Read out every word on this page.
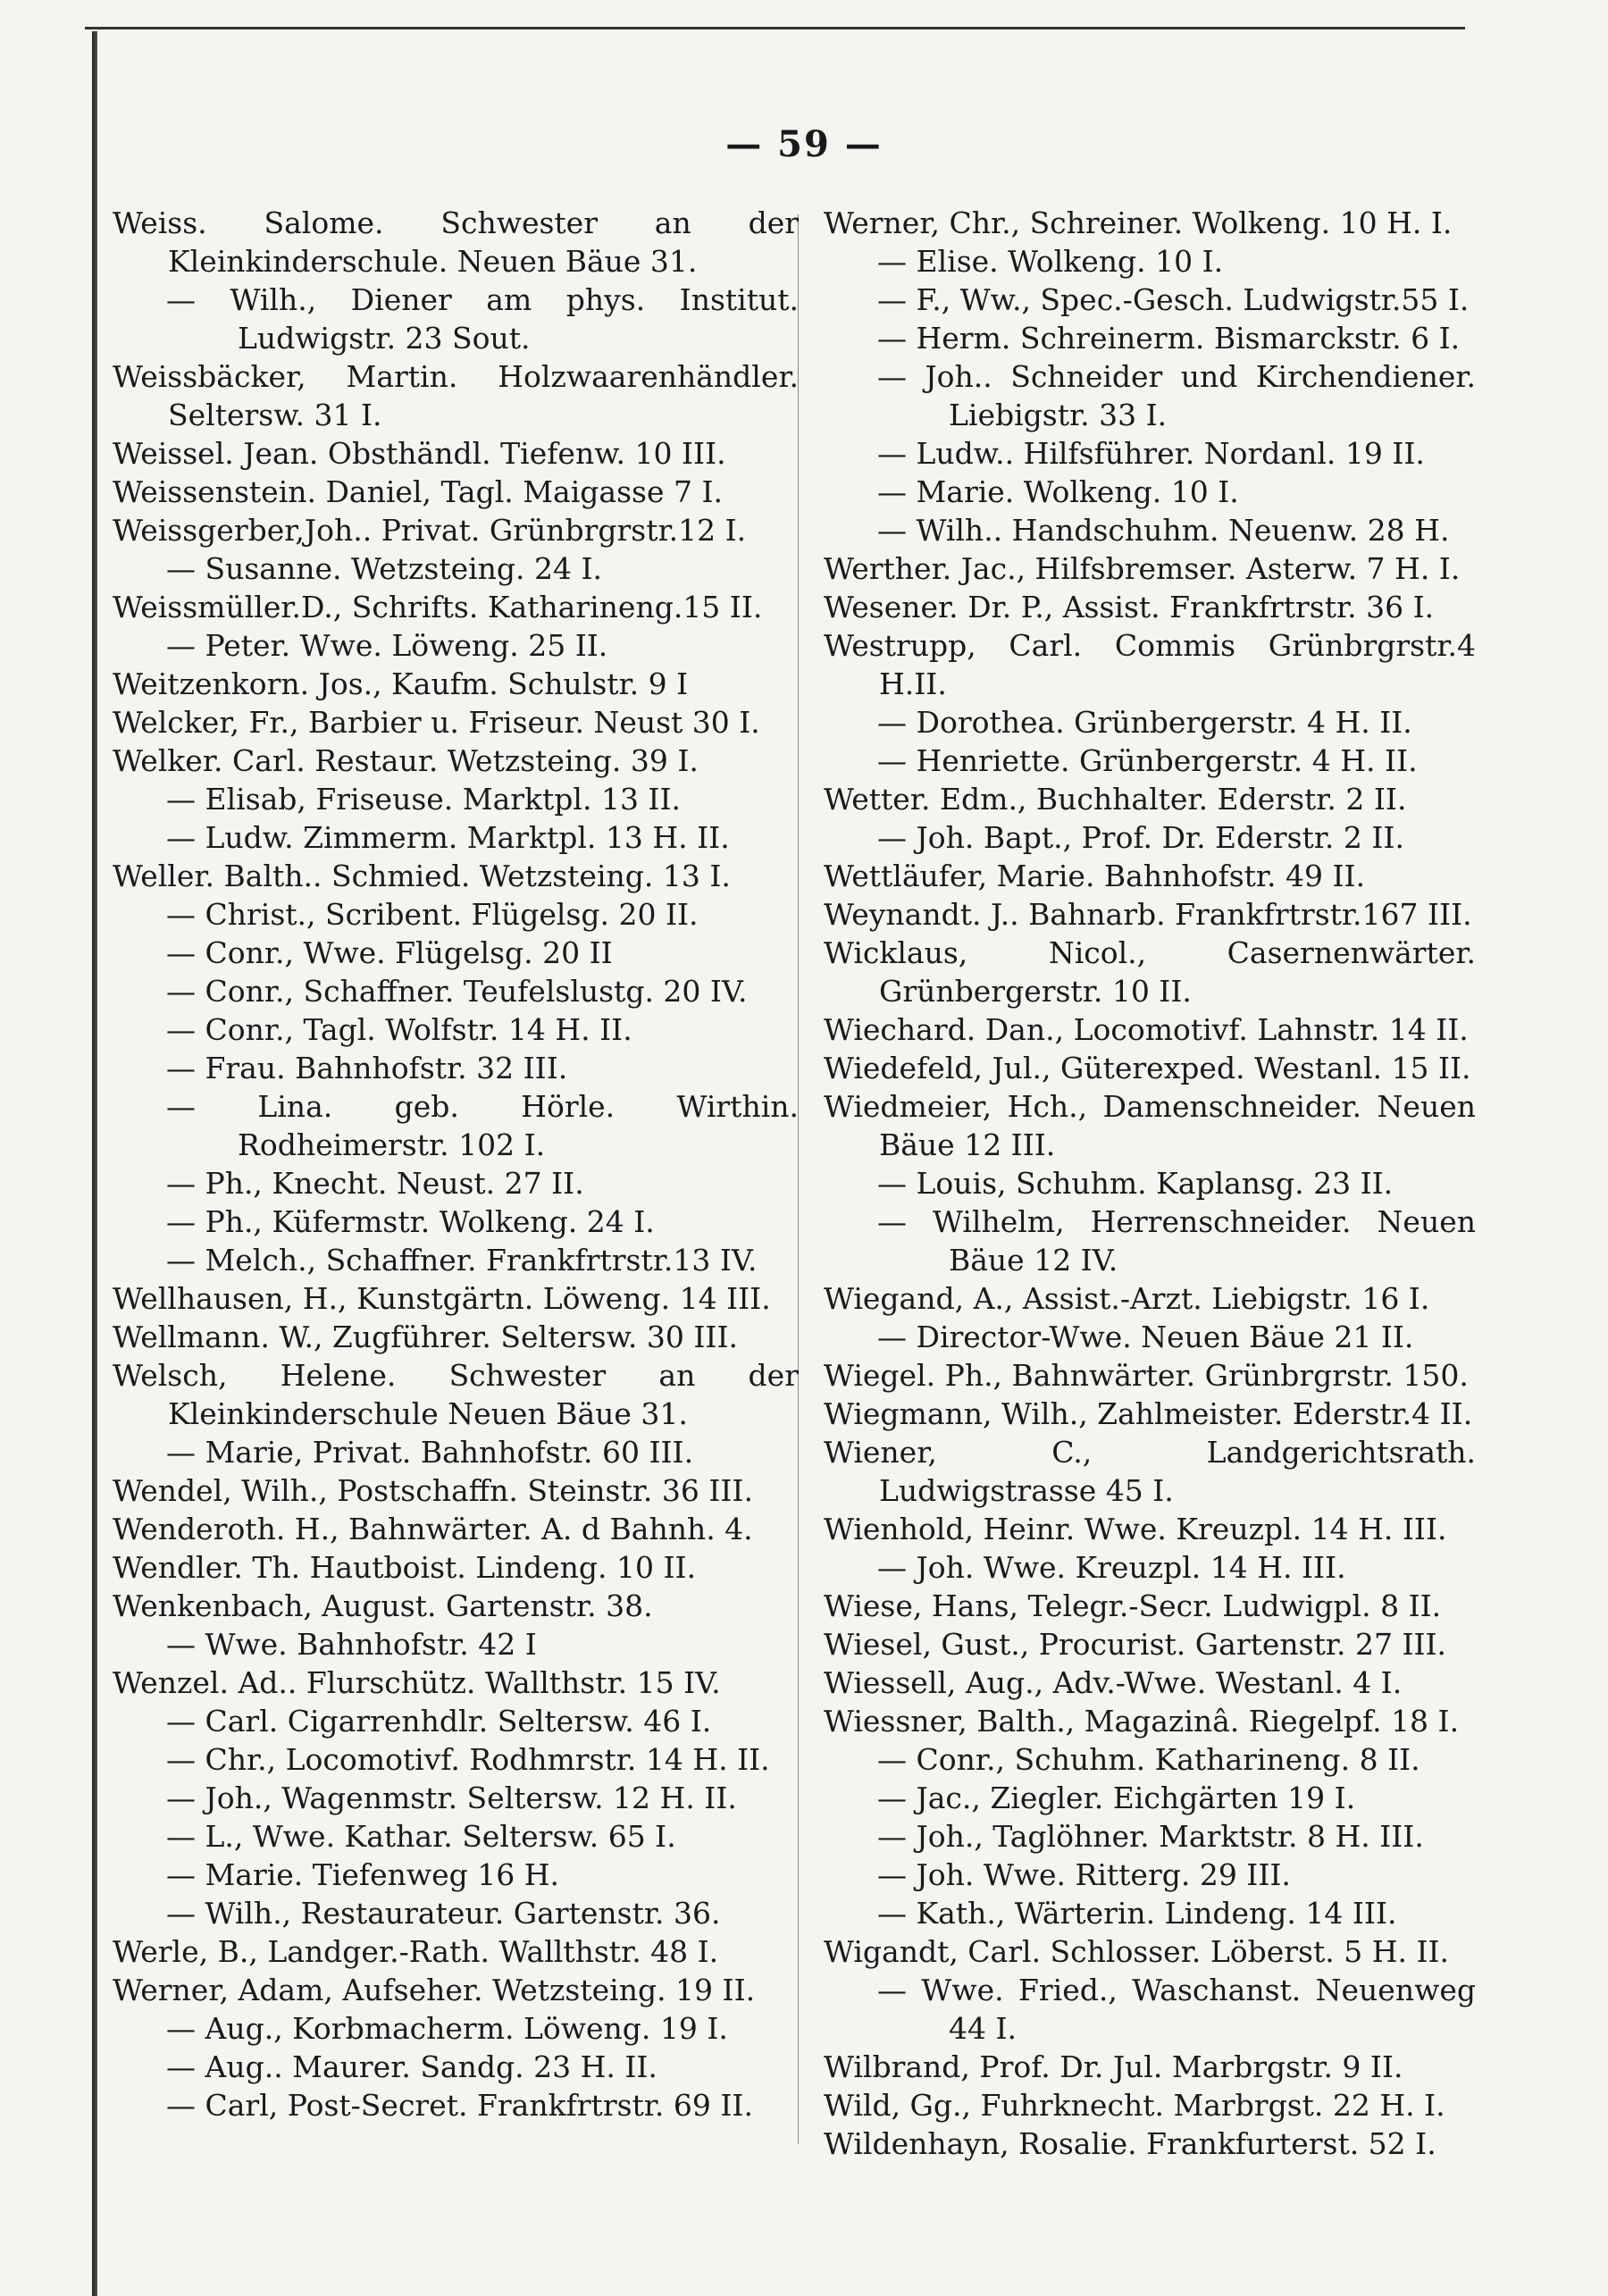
— 59 —
Weiss. Salome. Schwester an der Kleinkinderschule. Neuen Bäue 31.
— Wilh., Diener am phys. Institut. Ludwigstr. 23 Sout.
Weissbäcker, Martin. Holzwaarenhändler. Seltersw. 31 I.
Weissel. Jean. Obsthändl. Tiefenw. 10 III.
Weissenstein. Daniel, Tagl. Maigasse 7 I.
Weissgerber,Joh.. Privat. Grünbrgrstr.12 I.
— Susanne. Wetzsteing. 24 I.
Weissmüller.D., Schrifts. Katharineng.15 II.
— Peter. Wwe. Löweng. 25 II.
Weitzenkorn. Jos., Kaufm. Schulstr. 9 I
Welcker, Fr., Barbier u. Friseur. Neust 30 I.
Welker. Carl. Restaur. Wetzsteing. 39 I.
— Elisab, Friseuse. Marktpl. 13 II.
— Ludw. Zimmerm. Marktpl. 13 H. II.
Weller. Balth.. Schmied. Wetzsteing. 13 I.
— Christ., Scribent. Flügelsg. 20 II.
— Conr., Wwe. Flügelsg. 20 II
— Conr., Schaffner. Teufelslustg. 20 IV.
— Conr., Tagl. Wolfstr. 14 H. II.
— Frau. Bahnhofstr. 32 III.
— Lina. geb. Hörle. Wirthin. Rodheimerstr. 102 I.
— Ph., Knecht. Neust. 27 II.
— Ph., Küfermstr. Wolkeng. 24 I.
— Melch., Schaffner. Frankfrtrstr.13 IV.
Wellhausen, H., Kunstgärtn. Löweng. 14 III.
Wellmann. W., Zugführer. Seltersw. 30 III.
Welsch, Helene. Schwester an der Kleinkinderschule Neuen Bäue 31.
— Marie, Privat. Bahnhofstr. 60 III.
Wendel, Wilh., Postschaffn. Steinstr. 36 III.
Wenderoth. H., Bahnwärter. A. d Bahnh. 4.
Wendler. Th. Hautboist. Lindeng. 10 II.
Wenkenbach, August. Gartenstr. 38.
— Wwe. Bahnhofstr. 42 I
Wenzel. Ad.. Flurschütz. Wallthstr. 15 IV.
— Carl. Cigarrenhdlr. Seltersw. 46 I.
— Chr., Locomotivf. Rodhmrstr. 14 H. II.
— Joh., Wagenmstr. Seltersw. 12 H. II.
— L., Wwe. Kathar. Seltersw. 65 I.
— Marie. Tiefenweg 16 H.
— Wilh., Restaurateur. Gartenstr. 36.
Werle, B., Landger.-Rath. Wallthstr. 48 I.
Werner, Adam, Aufseher. Wetzsteing. 19 II.
— Aug., Korbmacherm. Löweng. 19 I.
— Aug.. Maurer. Sandg. 23 H. II.
— Carl, Post-Secret. Frankfrtrstr. 69 II.
Werner, Chr., Schreiner. Wolkeng. 10 H. I.
— Elise. Wolkeng. 10 I.
— F., Ww., Spec.-Gesch. Ludwigstr.55 I.
— Herm. Schreinerm. Bismarckstr. 6 I.
— Joh.. Schneider und Kirchendiener. Liebigstr. 33 I.
— Ludw.. Hilfsführer. Nordanl. 19 II.
— Marie. Wolkeng. 10 I.
— Wilh.. Handschuhm. Neuenw. 28 H.
Werther. Jac., Hilfsbremser. Asterw. 7 H. I.
Wesener. Dr. P., Assist. Frankfrtrstr. 36 I.
Westrupp, Carl. Commis Grünbrgrstr.4 H.II.
— Dorothea. Grünbergerstr. 4 H. II.
— Henriette. Grünbergerstr. 4 H. II.
Wetter. Edm., Buchhalter. Ederstr. 2 II.
— Joh. Bapt., Prof. Dr. Ederstr. 2 II.
Wettläufer, Marie. Bahnhofstr. 49 II.
Weynandt. J.. Bahnarb. Frankfrtrstr.167 III.
Wicklaus, Nicol., Casernenwärter. Grünbergerstr. 10 II.
Wiechard. Dan., Locomotivf. Lahnstr. 14 II.
Wiedefeld, Jul., Güterexped. Westanl. 15 II.
Wiedmeier, Hch., Damenschneider. Neuen Bäue 12 III.
— Louis, Schuhm. Kaplansg. 23 II.
— Wilhelm, Herrenschneider. Neuen Bäue 12 IV.
Wiegand, A., Assist.-Arzt. Liebigstr. 16 I.
— Director-Wwe. Neuen Bäue 21 II.
Wiegel. Ph., Bahnwärter. Grünbrgrstr. 150.
Wiegmann, Wilh., Zahlmeister. Ederstr.4 II.
Wiener, C., Landgerichtsrath. Ludwigstrasse 45 I.
Wienhold, Heinr. Wwe. Kreuzpl. 14 H. III.
— Joh. Wwe. Kreuzpl. 14 H. III.
Wiese, Hans, Telegr.-Secr. Ludwigpl. 8 II.
Wiesel, Gust., Procurist. Gartenstr. 27 III.
Wiessell, Aug., Adv.-Wwe. Westanl. 4 I.
Wiessner, Balth., Magazinâ. Riegelpf. 18 I.
— Conr., Schuhm. Katharineng. 8 II.
— Jac., Ziegler. Eichgärten 19 I.
— Joh., Taglöhner. Marktstr. 8 H. III.
— Joh. Wwe. Ritterg. 29 III.
— Kath., Wärterin. Lindeng. 14 III.
Wigandt, Carl. Schlosser. Löberst. 5 H. II.
— Wwe. Fried., Waschanst. Neuenweg 44 I.
Wilbrand, Prof. Dr. Jul. Marbrgstr. 9 II.
Wild, Gg., Fuhrknecht. Marbrgst. 22 H. I.
Wildenhayn, Rosalie. Frankfurterst. 52 I.
